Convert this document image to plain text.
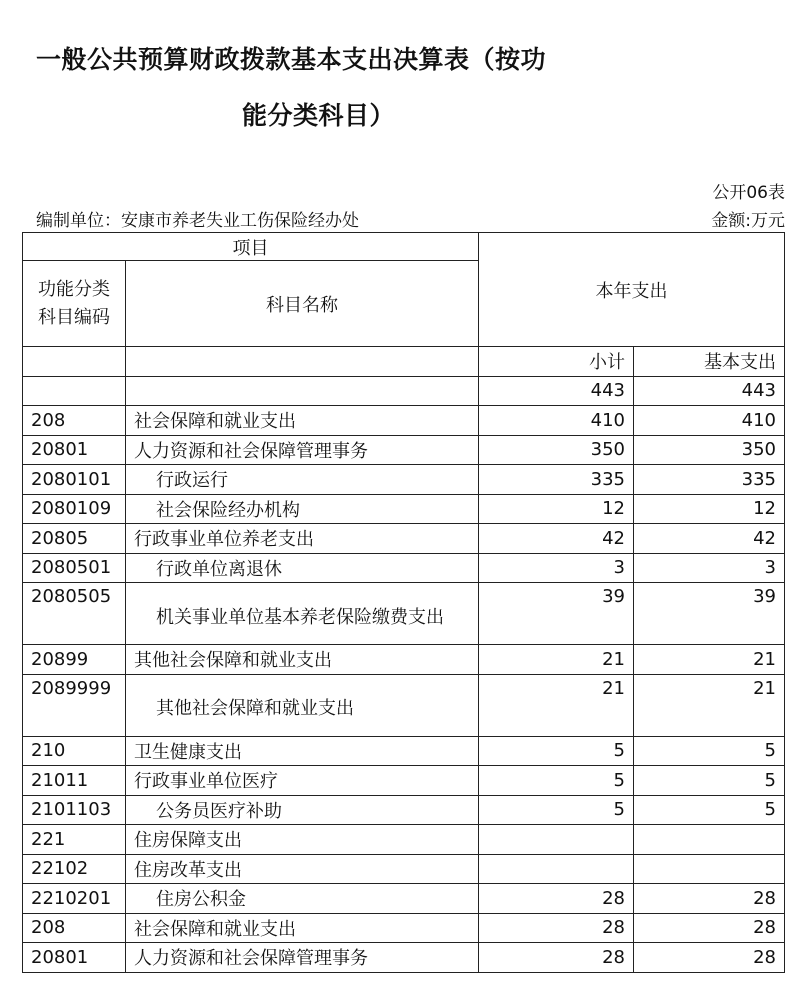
一般公共预算财政拨款基本支出决算表（按功
能分类科目）
公开06表
编制单位：安康市养老失业工伤保险经办处	金额:万元
项目		本年支出	
功能分类
科目编码	科目名称		

		小计	基本支出
		443	443
208	社会保障和就业支出	410	410
20801	人力资源和社会保障管理事务	350	350
2080101	行政运行	335	335
2080109	社会保险经办机构	12	12
20805	行政事业单位养老支出	42	42
2080501	行政单位离退休	3	3
2080505	机关事业单位基本养老保险缴费支出	39	39
20899	其他社会保障和就业支出	21	21
2089999	其他社会保障和就业支出	21	21
210	卫生健康支出	5	5
21011	行政事业单位医疗	5	5
2101103	公务员医疗补助	5	5
221	住房保障支出		
22102	住房改革支出		
2210201	住房公积金	28	28
208	社会保障和就业支出	28	28
20801	人力资源和社会保障管理事务	28	28
